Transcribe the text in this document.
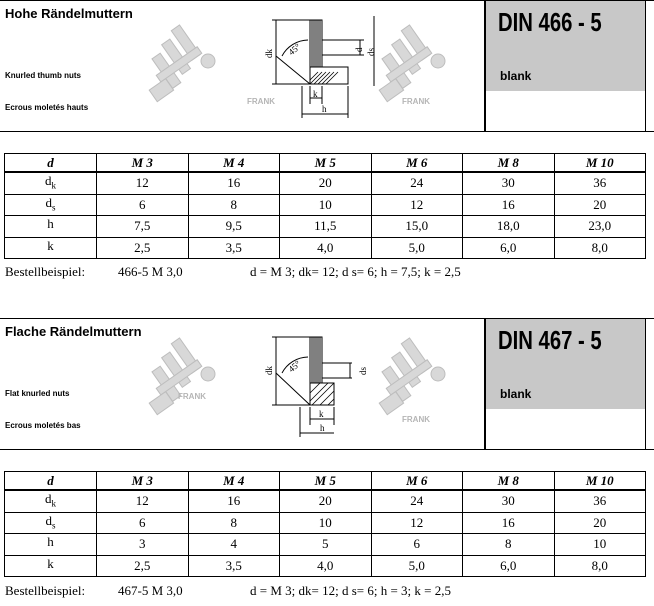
Hohe Rändelmuttern
Knurled thumb nuts
Ecrous moletés hauts
FRANK	FRANK
dk 45°	d ds
k
h
DIN 466 - 5
blank
d	M 3	M 4	M 5	M 6	M 8	M 10
$d_k$	12	16	20	24	30	36
$d_s$	6	8	10	12	16	20
h	7,5	9,5	11,5	15,0	18,0	23,0
k	2,5	3,5	4,0	5,0	6,0	8,0
Bestellbeispiel:	466-5 M 3,0	d = M 3; dk= 12; d s= 6; h = 7,5; k = 2,5
Flache Rändelmuttern
Flat knurled nuts
Ecrous moletés bas
FRANK
FRANK
dk 45°	ds
k
h
DIN 467 - 5
blank
d	M 3	M 4	M 5	M 6	M 8	M 10
$d_k$	12	16	20	24	30	36
$d_s$	6	8	10	12	16	20
h	3	4	5	6	8	10
k	2,5	3,5	4,0	5,0	6,0	8,0
Bestellbeispiel:	467-5 M 3,0	d = M 3; dk= 12; d s= 6; h = 3; k = 2,5
